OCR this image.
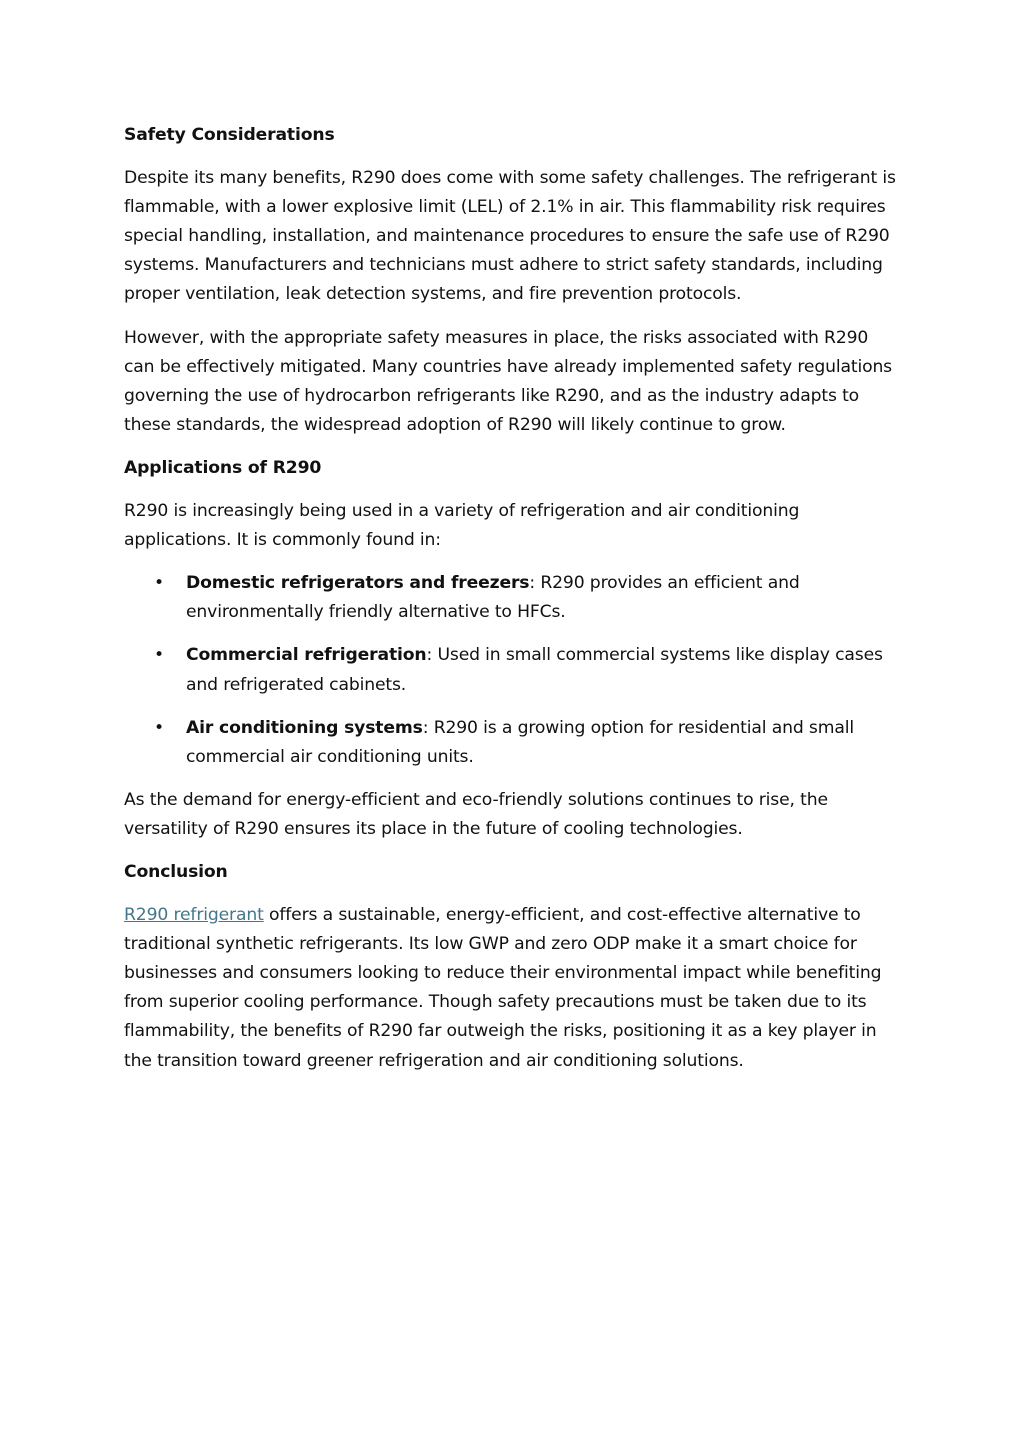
Safety Considerations

Despite its many benefits, R290 does come with some safety challenges. The refrigerant is flammable, with a lower explosive limit (LEL) of 2.1% in air. This flammability risk requires special handling, installation, and maintenance procedures to ensure the safe use of R290 systems. Manufacturers and technicians must adhere to strict safety standards, including proper ventilation, leak detection systems, and fire prevention protocols.

However, with the appropriate safety measures in place, the risks associated with R290 can be effectively mitigated. Many countries have already implemented safety regulations governing the use of hydrocarbon refrigerants like R290, and as the industry adapts to these standards, the widespread adoption of R290 will likely continue to grow.

Applications of R290

R290 is increasingly being used in a variety of refrigeration and air conditioning applications. It is commonly found in:

• Domestic refrigerators and freezers: R290 provides an efficient and environmentally friendly alternative to HFCs.
• Commercial refrigeration: Used in small commercial systems like display cases and refrigerated cabinets.
• Air conditioning systems: R290 is a growing option for residential and small commercial air conditioning units.

As the demand for energy-efficient and eco-friendly solutions continues to rise, the versatility of R290 ensures its place in the future of cooling technologies.

Conclusion

R290 refrigerant offers a sustainable, energy-efficient, and cost-effective alternative to traditional synthetic refrigerants. Its low GWP and zero ODP make it a smart choice for businesses and consumers looking to reduce their environmental impact while benefiting from superior cooling performance. Though safety precautions must be taken due to its flammability, the benefits of R290 far outweigh the risks, positioning it as a key player in the transition toward greener refrigeration and air conditioning solutions.
